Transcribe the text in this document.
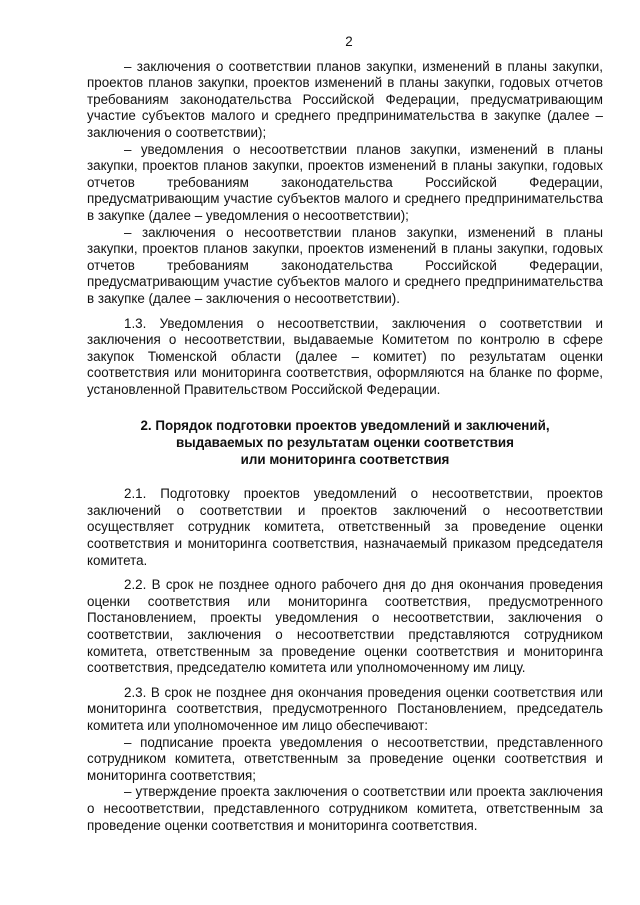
2

– заключения о соответствии планов закупки, изменений в планы закупки, проектов планов закупки, проектов изменений в планы закупки, годовых отчетов требованиям законодательства Российской Федерации, предусматривающим участие субъектов малого и среднего предпринимательства в закупке (далее – заключения о соответствии);

– уведомления о несоответствии планов закупки, изменений в планы закупки, проектов планов закупки, проектов изменений в планы закупки, годовых отчетов требованиям законодательства Российской Федерации, предусматривающим участие субъектов малого и среднего предпринимательства в закупке (далее – уведомления о несоответствии);

– заключения о несоответствии планов закупки, изменений в планы закупки, проектов планов закупки, проектов изменений в планы закупки, годовых отчетов требованиям законодательства Российской Федерации, предусматривающим участие субъектов малого и среднего предпринимательства в закупке (далее – заключения о несоответствии).

1.3. Уведомления о несоответствии, заключения о соответствии и заключения о несоответствии, выдаваемые Комитетом по контролю в сфере закупок Тюменской области (далее – комитет) по результатам оценки соответствия или мониторинга соответствия, оформляются на бланке по форме, установленной Правительством Российской Федерации.

2. Порядок подготовки проектов уведомлений и заключений,
выдаваемых по результатам оценки соответствия
или мониторинга соответствия

2.1. Подготовку проектов уведомлений о несоответствии, проектов заключений о соответствии и проектов заключений о несоответствии осуществляет сотрудник комитета, ответственный за проведение оценки соответствия и мониторинга соответствия, назначаемый приказом председателя комитета.

2.2. В срок не позднее одного рабочего дня до дня окончания проведения оценки соответствия или мониторинга соответствия, предусмотренного Постановлением, проекты уведомления о несоответствии, заключения о соответствии, заключения о несоответствии представляются сотрудником комитета, ответственным за проведение оценки соответствия и мониторинга соответствия, председателю комитета или уполномоченному им лицу.

2.3. В срок не позднее дня окончания проведения оценки соответствия или мониторинга соответствия, предусмотренного Постановлением, председатель комитета или уполномоченное им лицо обеспечивают:

– подписание проекта уведомления о несоответствии, представленного сотрудником комитета, ответственным за проведение оценки соответствия и мониторинга соответствия;

– утверждение проекта заключения о соответствии или проекта заключения о несоответствии, представленного сотрудником комитета, ответственным за проведение оценки соответствия и мониторинга соответствия.
